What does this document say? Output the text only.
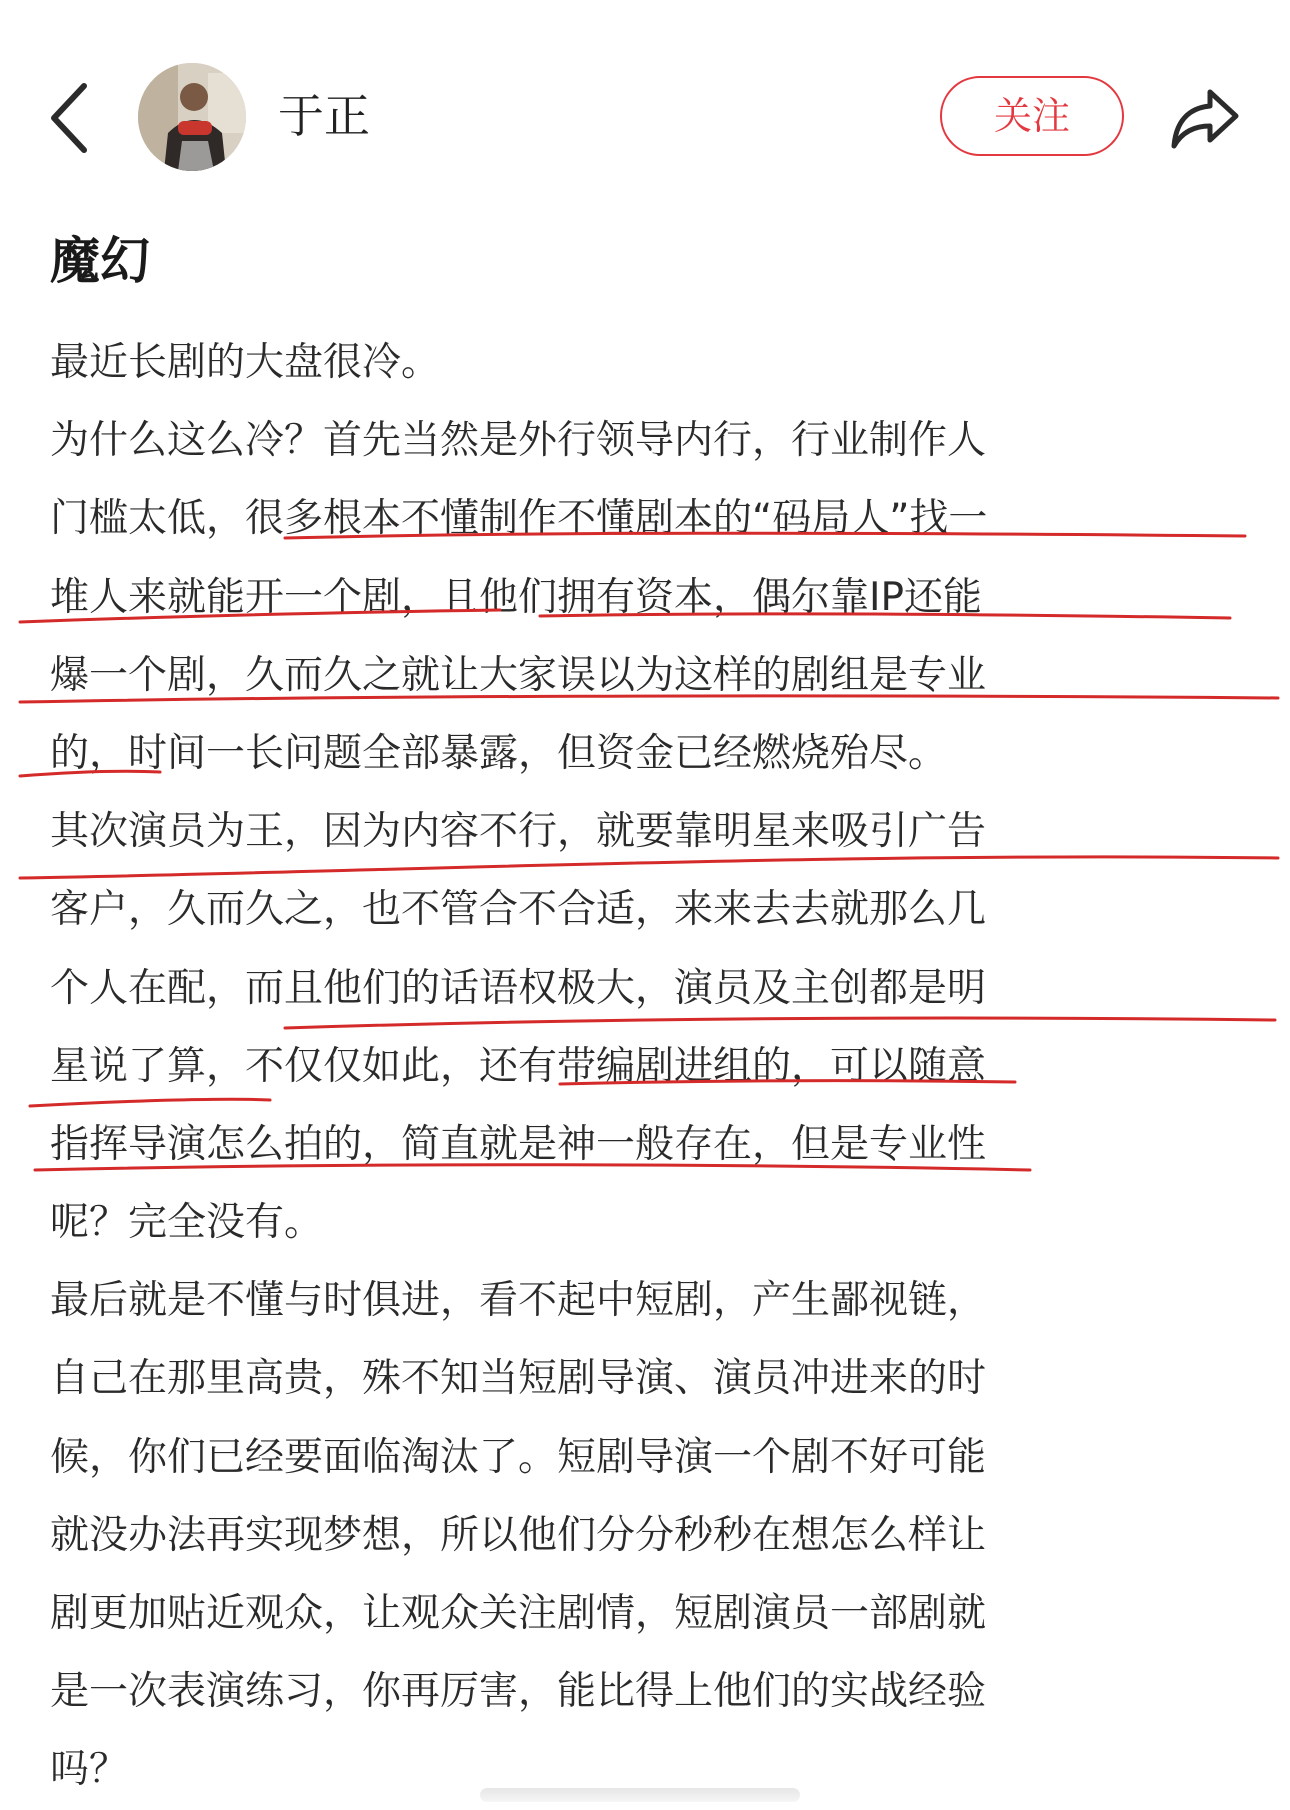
于正	关注
魔幻
最近长剧的大盘很冷。
为什么这么冷？首先当然是外行领导内行，行业制作人
门槛太低，很多根本不懂制作不懂剧本的“码局人”找一
堆人来就能开一个剧，且他们拥有资本，偶尔靠IP还能
爆一个剧，久而久之就让大家误以为这样的剧组是专业
的，时间一长问题全部暴露，但资金已经燃烧殆尽。
其次演员为王，因为内容不行，就要靠明星来吸引广告
客户，久而久之，也不管合不合适，来来去去就那么几
个人在配，而且他们的话语权极大，演员及主创都是明
星说了算，不仅仅如此，还有带编剧进组的，可以随意
指挥导演怎么拍的，简直就是神一般存在，但是专业性
呢？完全没有。
最后就是不懂与时俱进，看不起中短剧，产生鄙视链，
自己在那里高贵，殊不知当短剧导演、演员冲进来的时
候，你们已经要面临淘汰了。短剧导演一个剧不好可能
就没办法再实现梦想，所以他们分分秒秒在想怎么样让
剧更加贴近观众，让观众关注剧情，短剧演员一部剧就
是一次表演练习，你再厉害，能比得上他们的实战经验
吗？
